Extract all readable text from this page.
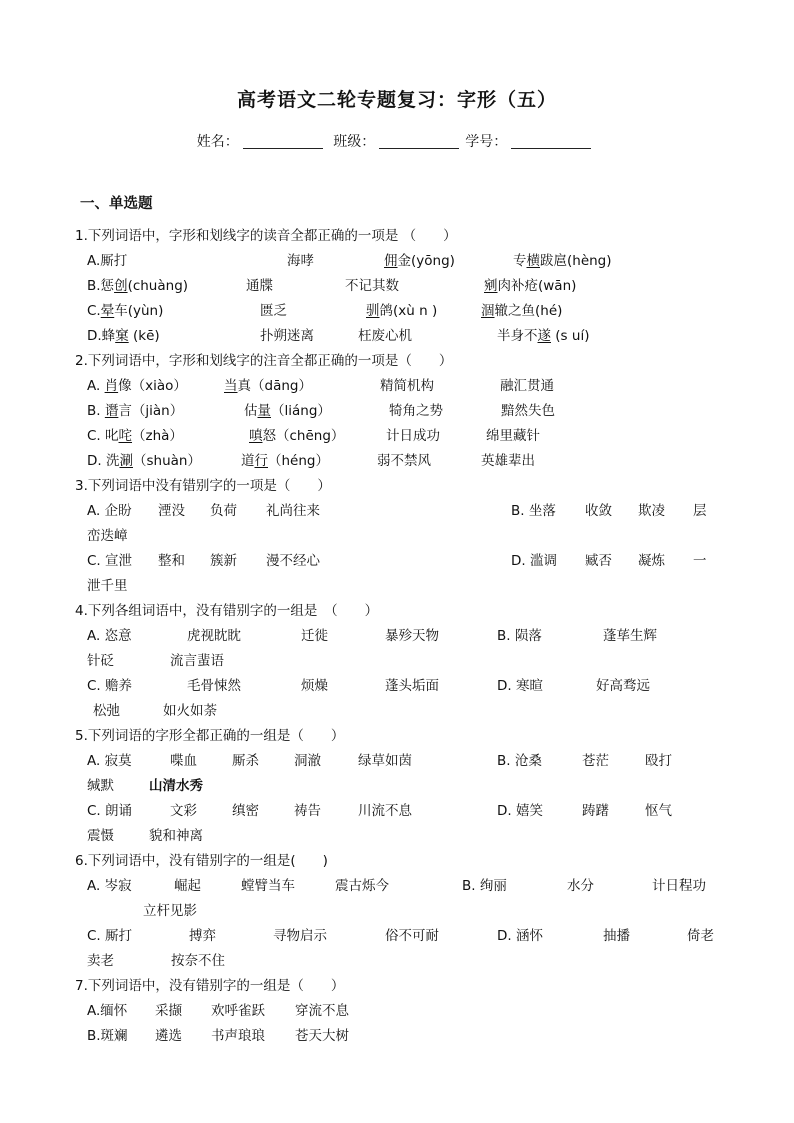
高考语文二轮专题复习：字形（五）
姓名：	班级：	学号：
一、单选题
1.下列词语中，字形和划线字的读音全都正确的一项是 （　　）
A.厮打	海哮	佣金(yōng)	专横跋扈(hèng)
B.惩创(chuàng)	通牒	不记其数	剜肉补疮(wān)
C.晕车(yùn)	匮乏	驯鸽(xù n )	涸辙之鱼(hé)
D.蜂窠 (kē)	扑朔迷离	枉废心机	半身不遂 (s uí)
2.下列词语中，字形和划线字的注音全都正确的一项是（　　）
A. 肖像（xiào）	当真（dāng）	精简机构	融汇贯通
B. 谮言（jiàn）	估量（liáng）	犄角之势	黯然失色
C. 叱咤（zhà）	嗔怒（chēng）	计日成功	绵里藏针
D. 洗涮（shuàn）	道行（héng）	弱不禁风	英雄辈出
3.下列词语中没有错别字的一项是（　　）
A. 企盼 湮没 负荷 礼尚往来	B. 坐落 收敛 欺凌 层
峦迭嶂
C. 宣泄 整和 簇新 漫不经心	D. 滥调 臧否 凝炼 一
泄千里
4.下列各组词语中，没有错别字的一组是　（　　）
A. 恣意	虎视眈眈	迁徙	暴殄天物	B. 陨落	蓬荜生辉
针砭	流言蜚语
C. 赡养	毛骨悚然	烦燥	蓬头垢面	D. 寒暄	好高骛远
松弛	如火如荼
5.下列词语的字形全都正确的一组是（　　）
A. 寂莫	喋血	厮杀	洞澈	绿草如茵	B. 沧桑	苍茫	殴打
缄默	山清水秀
C. 朗诵	文彩	缜密	祷告	川流不息	D. 嬉笑	踌躇	怄气
震慑	貌和神离
6.下列词语中，没有错别字的一组是(　　)
A. 岑寂	崛起	螳臂当车	震古烁今	B. 绚丽	水分	计日程功
立杆见影
C. 厮打	搏弈	寻物启示	俗不可耐	D. 涵怀	抽播	倚老
卖老	按奈不住
7.下列词语中，没有错别字的一组是（　　）
A.缅怀 采撷 欢呼雀跃 穿流不息
B.斑斓 遴选 书声琅琅 苍天大树
